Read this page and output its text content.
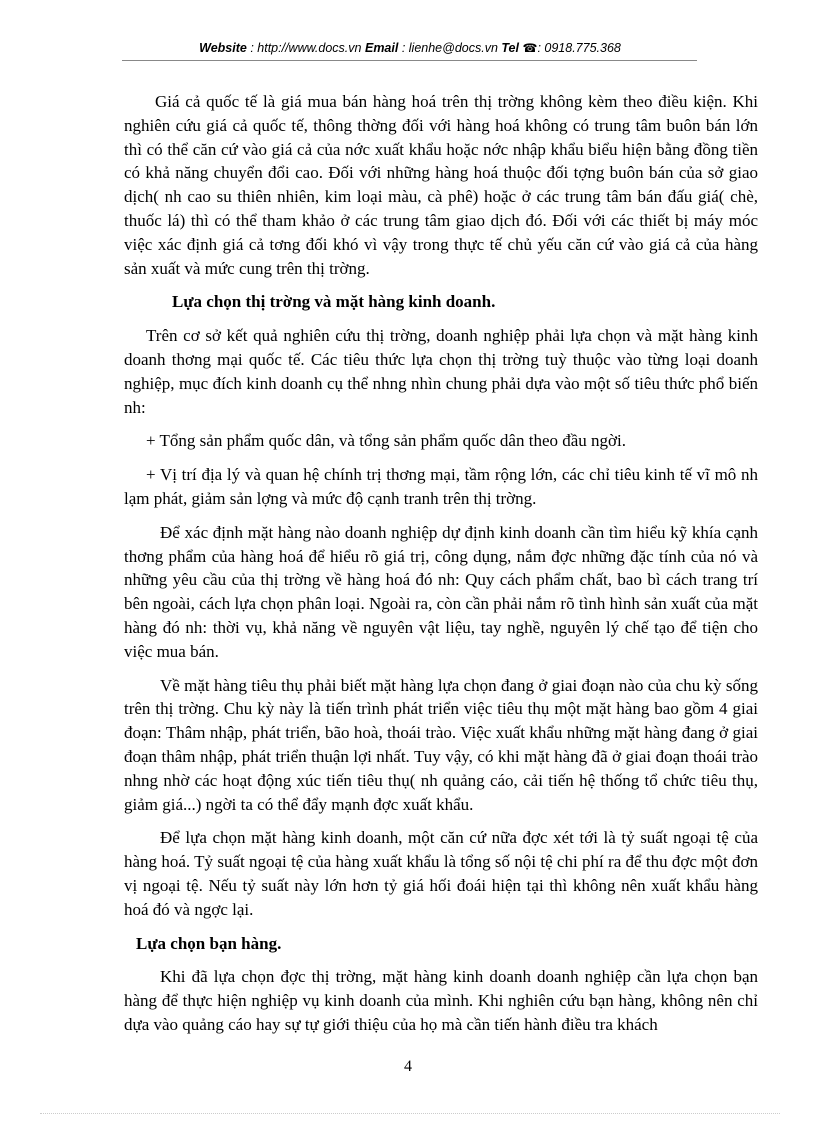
Website : http://www.docs.vn Email : lienhe@docs.vn Tel ☎: 0918.775.368

Giá cả quốc tế là giá mua bán hàng hoá trên thị trờng không kèm theo điều kiện. Khi nghiên cứu giá cả quốc tế, thông thờng đối với hàng hoá không có trung tâm buôn bán lớn thì có thể căn cứ vào giá cả của nớc xuất khẩu hoặc nớc nhập khẩu biểu hiện bằng đồng tiền có khả năng chuyển đổi cao. Đối với những hàng hoá thuộc đối tợng buôn bán của sở giao dịch( nh cao su thiên nhiên, kim loại màu, cà phê) hoặc ở các trung tâm bán đấu giá( chè, thuốc lá) thì có thể tham khảo ở các trung tâm giao dịch đó. Đối với các thiết bị máy móc việc xác định giá cả tơng đối khó vì vậy trong thực tế chủ yếu căn cứ vào giá cả của hàng sản xuất và mức cung trên thị trờng.

Lựa chọn thị trờng và mặt hàng kinh doanh.

Trên cơ sở kết quả nghiên cứu thị trờng, doanh nghiệp phải lựa chọn và mặt hàng kinh doanh thơng mại quốc tế. Các tiêu thức lựa chọn thị trờng tuỳ thuộc vào từng loại doanh nghiệp, mục đích kinh doanh cụ thể nhng nhìn chung phải dựa vào một số tiêu thức phổ biến nh:

+ Tổng sản phẩm quốc dân, và tổng sản phẩm quốc dân theo đầu ngời.

+ Vị trí địa lý và quan hệ chính trị thơng mại, tầm rộng lớn, các chỉ tiêu kinh tế vĩ mô nh lạm phát, giảm sản lợng và mức độ cạnh tranh trên thị trờng.

Để xác định mặt hàng nào doanh nghiệp dự định kinh doanh cần tìm hiểu kỹ khía cạnh thơng phẩm của hàng hoá để hiểu rõ giá trị, công dụng, nắm đợc những đặc tính của nó và những yêu cầu của thị trờng về hàng hoá đó nh: Quy cách phẩm chất, bao bì cách trang trí bên ngoài, cách lựa chọn phân loại. Ngoài ra, còn cần phải nắm rõ tình hình sản xuất của mặt hàng đó nh: thời vụ, khả năng về nguyên vật liệu, tay nghề, nguyên lý chế tạo để tiện cho việc mua bán.

Về mặt hàng tiêu thụ phải biết mặt hàng lựa chọn đang ở giai đoạn nào của chu kỳ sống trên thị trờng. Chu kỳ này là tiến trình phát triển việc tiêu thụ một mặt hàng bao gồm 4 giai đoạn: Thâm nhập, phát triển, bão hoà, thoái trào. Việc xuất khẩu những mặt hàng đang ở giai đoạn thâm nhập, phát triển thuận lợi nhất. Tuy vậy, có khi mặt hàng đã ở giai đoạn thoái trào nhng nhờ các hoạt động xúc tiến tiêu thụ( nh quảng cáo, cải tiến hệ thống tổ chức tiêu thụ, giảm giá...) ngời ta có thể đẩy mạnh đợc xuất khẩu.

Để lựa chọn mặt hàng kinh doanh, một căn cứ nữa đợc xét tới là tỷ suất ngoại tệ của hàng hoá. Tỷ suất ngoại tệ của hàng xuất khẩu là tổng số nội tệ chi phí ra để thu đợc một đơn vị ngoại tệ. Nếu tỷ suất này lớn hơn tỷ giá hối đoái hiện tại thì không nên xuất khẩu hàng hoá đó và ngợc lại.

Lựa chọn bạn hàng.

Khi đã lựa chọn đợc thị trờng, mặt hàng kinh doanh doanh nghiệp cần lựa chọn bạn hàng để thực hiện nghiệp vụ kinh doanh của mình. Khi nghiên cứu bạn hàng, không nên chỉ dựa vào quảng cáo hay sự tự giới thiệu của họ mà cần tiến hành điều tra khách

4
